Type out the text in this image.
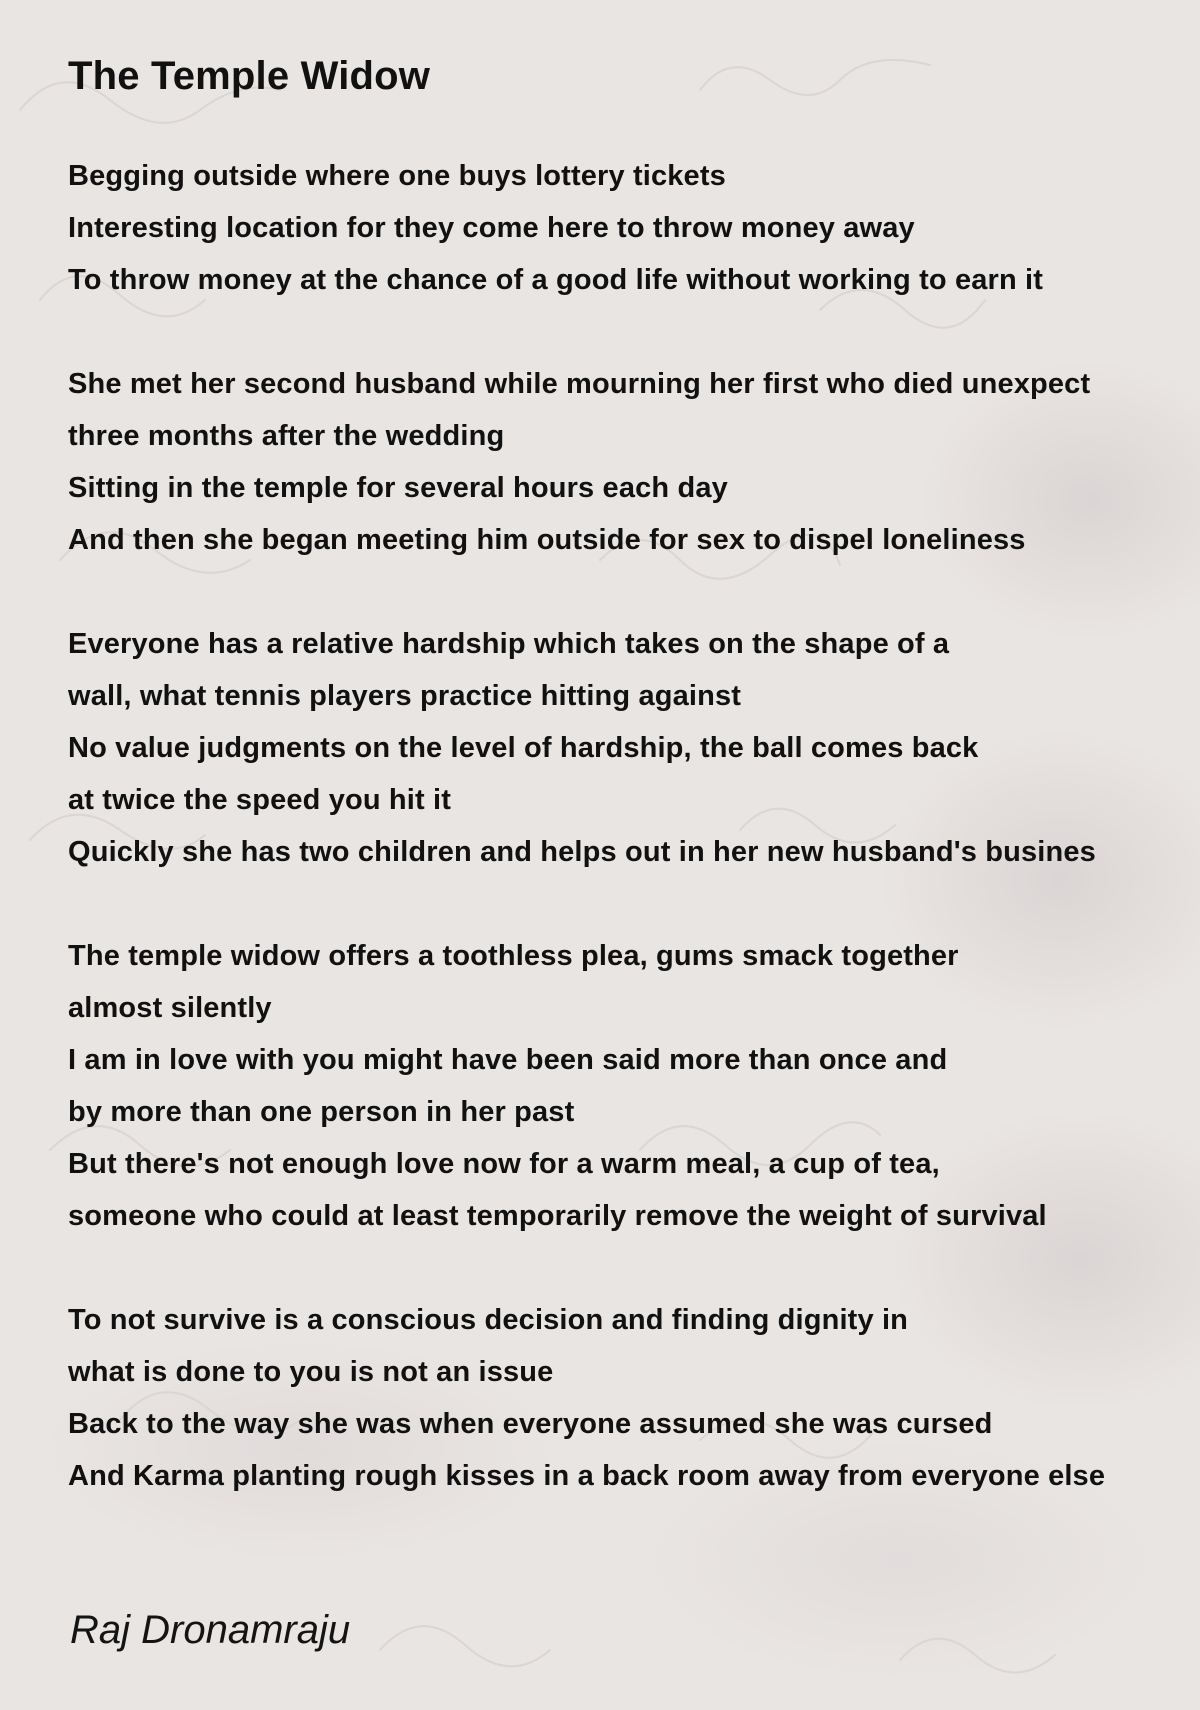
The Temple Widow
Begging outside where one buys lottery tickets
Interesting location for they come here to throw money away
To throw money at the chance of a good life without working to earn it
She met her second husband while mourning her first who died unexpect
three months after the wedding
Sitting in the temple for several hours each day
And then she began meeting him outside for sex to dispel loneliness
Everyone has a relative hardship which takes on the shape of a
wall, what tennis players practice hitting against
No value judgments on the level of hardship, the ball comes back
at twice the speed you hit it
Quickly she has two children and helps out in her new husband's busines
The temple widow offers a toothless plea, gums smack together
almost silently
I am in love with you might have been said more than once and
by more than one person in her past
But there's not enough love now for a warm meal, a cup of tea,
someone who could at least temporarily remove the weight of survival
To not survive is a conscious decision and finding dignity in
what is done to you is not an issue
Back to the way she was when everyone assumed she was cursed
And Karma planting rough kisses in a back room away from everyone else
Raj Dronamraju
